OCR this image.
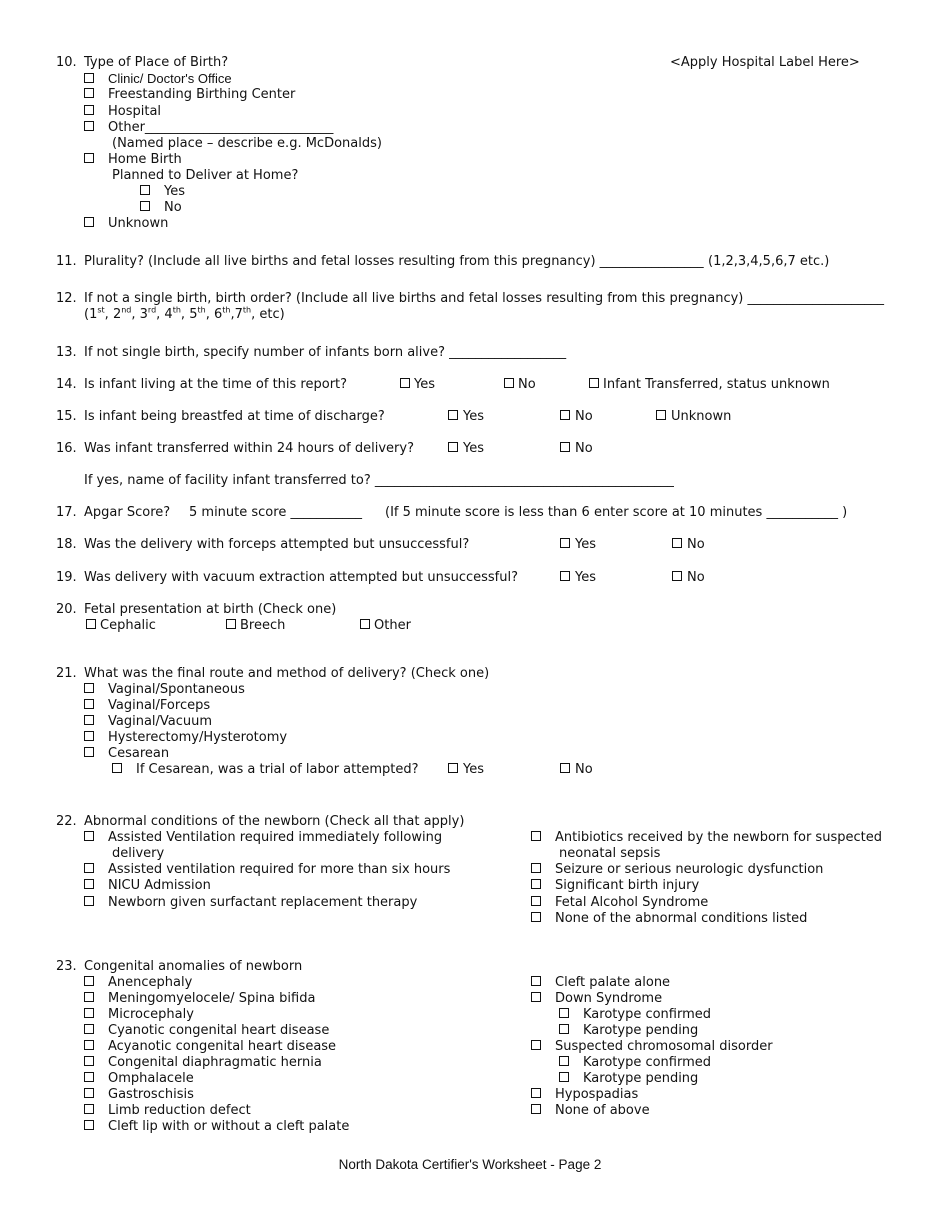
10. Type of Place of Birth?	<Apply Hospital Label Here>
Clinic/ Doctor's Office
Freestanding Birthing Center
Hospital
Other_____________________________
(Named place – describe e.g. McDonalds)
Home Birth
Planned to Deliver at Home?
Yes
No
Unknown
11. Plurality? (Include all live births and fetal losses resulting from this pregnancy) ________________ (1,2,3,4,5,6,7 etc.)
12. If not a single birth, birth order? (Include all live births and fetal losses resulting from this pregnancy) _____________________
(1st, 2nd, 3rd, 4th, 5th, 6th,7th, etc)
13. If not single birth, specify number of infants born alive? __________________
14. Is infant living at the time of this report?	Yes	No	Infant Transferred, status unknown
15. Is infant being breastfed at time of discharge?	Yes	No	Unknown
16. Was infant transferred within 24 hours of delivery?	Yes	No
If yes, name of facility infant transferred to? ______________________________________________
17. Apgar Score? 5 minute score ___________ (If 5 minute score is less than 6 enter score at 10 minutes ___________ )
18. Was the delivery with forceps attempted but unsuccessful?	Yes	No
19. Was delivery with vacuum extraction attempted but unsuccessful?	Yes	No
20. Fetal presentation at birth (Check one)
Cephalic	Breech	Other
21. What was the final route and method of delivery? (Check one)
Vaginal/Spontaneous
Vaginal/Forceps
Vaginal/Vacuum
Hysterectomy/Hysterotomy
Cesarean
If Cesarean, was a trial of labor attempted?	Yes	No
22. Abnormal conditions of the newborn (Check all that apply)
Assisted Ventilation required immediately following
delivery
Assisted ventilation required for more than six hours
NICU Admission
Newborn given surfactant replacement therapy
Antibiotics received by the newborn for suspected
neonatal sepsis
Seizure or serious neurologic dysfunction
Significant birth injury
Fetal Alcohol Syndrome
None of the abnormal conditions listed
23. Congenital anomalies of newborn
Anencephaly
Meningomyelocele/ Spina bifida
Microcephaly
Cyanotic congenital heart disease
Acyanotic congenital heart disease
Congenital diaphragmatic hernia
Omphalacele
Gastroschisis
Limb reduction defect
Cleft lip with or without a cleft palate
Cleft palate alone
Down Syndrome
Karotype confirmed
Karotype pending
Suspected chromosomal disorder
Karotype confirmed
Karotype pending
Hypospadias
None of above
North Dakota Certifier's Worksheet - Page 2
